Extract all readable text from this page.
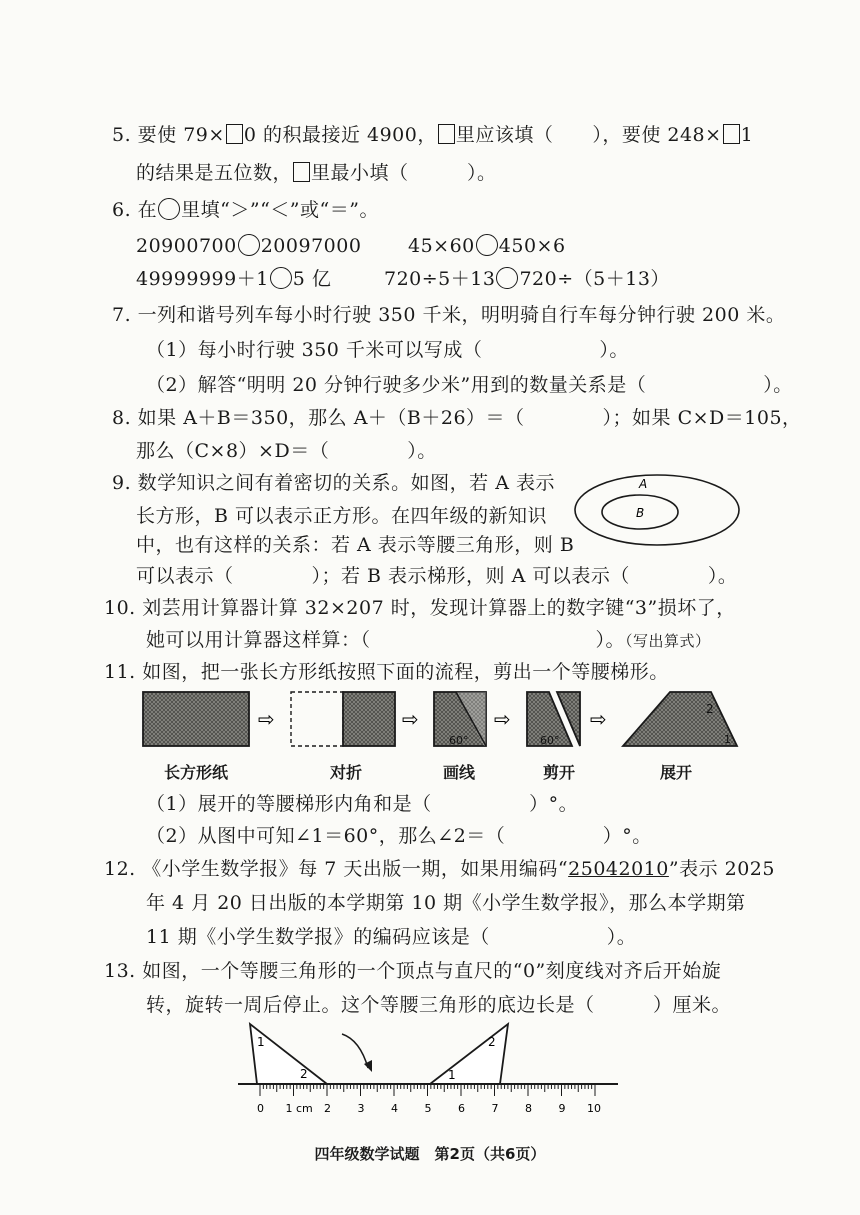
5. 要使 79× 0 的积最接近 4900， 里应该填（　　），要使 248× 1
的结果是五位数， 里最小填（　　　）。
6. 在 里填“＞”“＜”或“＝”。
20900700 20097000 45×60 450×6
49999999＋1 5 亿	720÷5＋13 720÷（5＋13）
7. 一列和谐号列车每小时行驶 350 千米，明明骑自行车每分钟行驶 200 米。
（1）每小时行驶 350 千米可以写成（　　　　　　）。
（2）解答“明明 20 分钟行驶多少米”用到的数量关系是（　　　　　　）。
8. 如果 A＋B＝350，那么 A＋（B＋26）＝（　　　　）；如果 C×D＝105，
那么（C×8）×D＝（　　　　）。
9. 数学知识之间有着密切的关系。如图，若 A 表示
长方形，B 可以表示正方形。在四年级的新知识
中，也有这样的关系：若 A 表示等腰三角形，则 B
可以表示（　　　　）；若 B 表示梯形，则 A 可以表示（　　　　）。
A
B
10. 刘芸用计算器计算 32×207 时，发现计算器上的数字键“3”损坏了，
她可以用计算器这样算：（	）。（写出算式）
11. 如图，把一张长方形纸按照下面的流程，剪出一个等腰梯形。
⇨	⇨
60°
⇨
60°
⇨	2
1
长方形纸	对折	画线	剪开	展开
（1）展开的等腰梯形内角和是（　　　　　）°。
（2）从图中可知∠1＝60°，那么∠2＝（　　　　　）°。
12. 《小学生数学报》每 7 天出版一期，如果用编码“25042010”表示 2025
年 4 月 20 日出版的本学期第 10 期《小学生数学报》，那么本学期第
11 期《小学生数学报》的编码应该是（　　　　　　）。
13. 如图，一个等腰三角形的一个顶点与直尺的“0”刻度线对齐后开始旋
转，旋转一周后停止。这个等腰三角形的底边长是（　　　）厘米。
1
2	1
2
0 1 cm 2 3 4 5 6 7 8 9 10
四年级数学试题　第2页（共6页）
